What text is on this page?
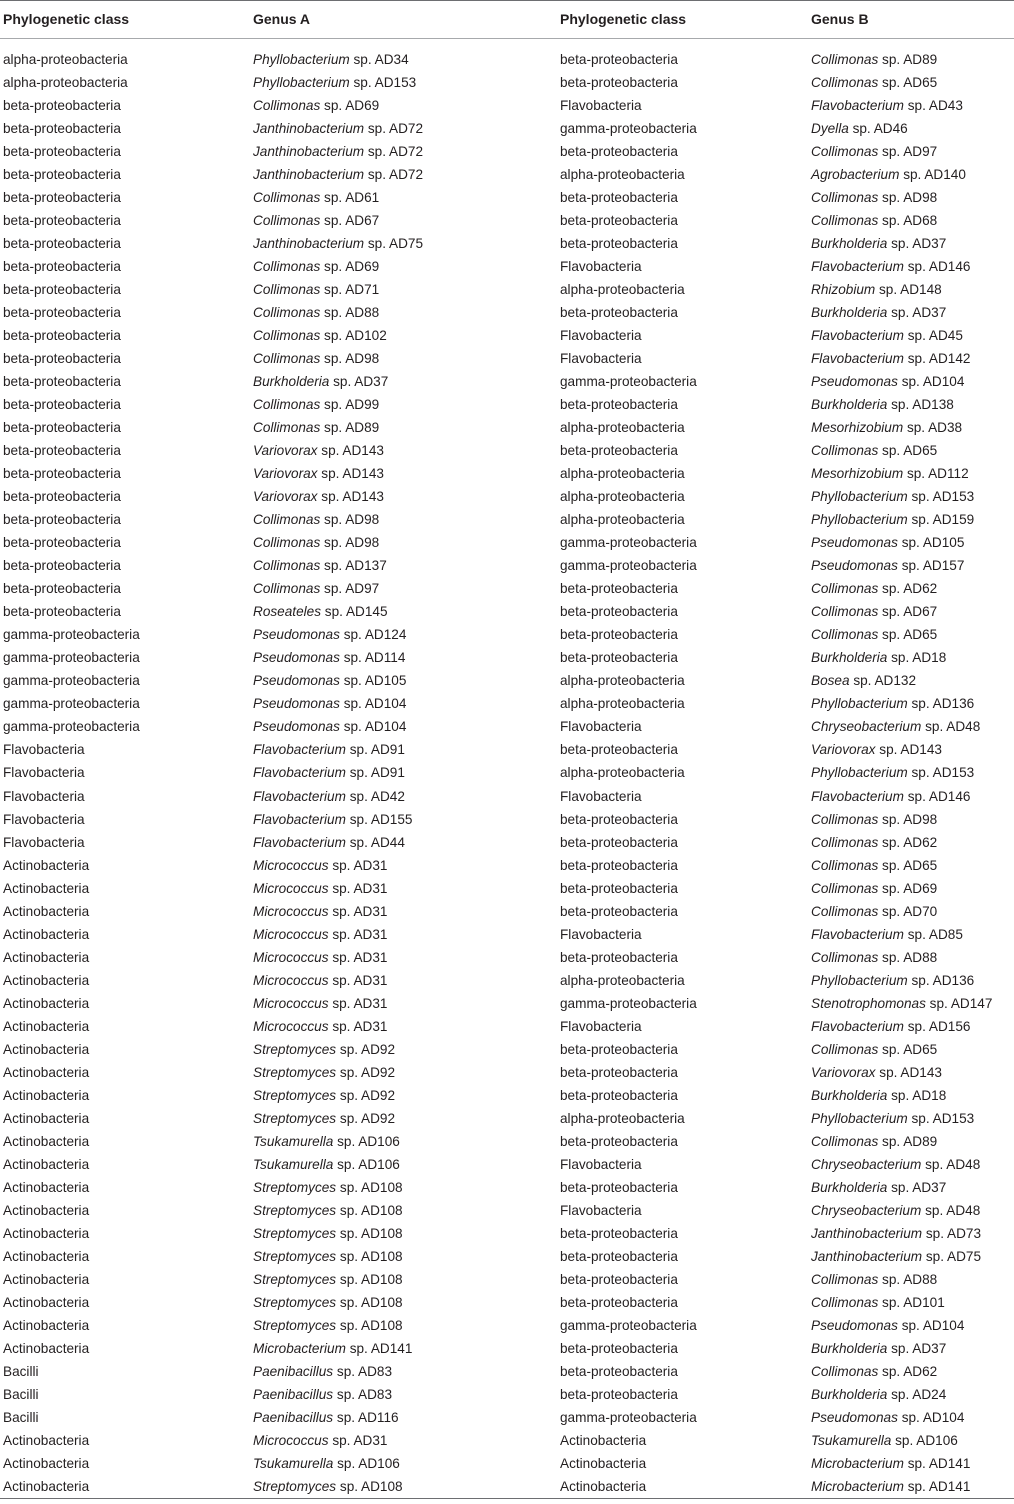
Phylogenetic class	Genus A	Phylogenetic class	Genus B
alpha-proteobacteria	Phyllobacterium sp. AD34	beta-proteobacteria	Collimonas sp. AD89
alpha-proteobacteria	Phyllobacterium sp. AD153	beta-proteobacteria	Collimonas sp. AD65
beta-proteobacteria	Collimonas sp. AD69	Flavobacteria	Flavobacterium sp. AD43
beta-proteobacteria	Janthinobacterium sp. AD72	gamma-proteobacteria	Dyella sp. AD46
beta-proteobacteria	Janthinobacterium sp. AD72	beta-proteobacteria	Collimonas sp. AD97
beta-proteobacteria	Janthinobacterium sp. AD72	alpha-proteobacteria	Agrobacterium sp. AD140
beta-proteobacteria	Collimonas sp. AD61	beta-proteobacteria	Collimonas sp. AD98
beta-proteobacteria	Collimonas sp. AD67	beta-proteobacteria	Collimonas sp. AD68
beta-proteobacteria	Janthinobacterium sp. AD75	beta-proteobacteria	Burkholderia sp. AD37
beta-proteobacteria	Collimonas sp. AD69	Flavobacteria	Flavobacterium sp. AD146
beta-proteobacteria	Collimonas sp. AD71	alpha-proteobacteria	Rhizobium sp. AD148
beta-proteobacteria	Collimonas sp. AD88	beta-proteobacteria	Burkholderia sp. AD37
beta-proteobacteria	Collimonas sp. AD102	Flavobacteria	Flavobacterium sp. AD45
beta-proteobacteria	Collimonas sp. AD98	Flavobacteria	Flavobacterium sp. AD142
beta-proteobacteria	Burkholderia sp. AD37	gamma-proteobacteria	Pseudomonas sp. AD104
beta-proteobacteria	Collimonas sp. AD99	beta-proteobacteria	Burkholderia sp. AD138
beta-proteobacteria	Collimonas sp. AD89	alpha-proteobacteria	Mesorhizobium sp. AD38
beta-proteobacteria	Variovorax sp. AD143	beta-proteobacteria	Collimonas sp. AD65
beta-proteobacteria	Variovorax sp. AD143	alpha-proteobacteria	Mesorhizobium sp. AD112
beta-proteobacteria	Variovorax sp. AD143	alpha-proteobacteria	Phyllobacterium sp. AD153
beta-proteobacteria	Collimonas sp. AD98	alpha-proteobacteria	Phyllobacterium sp. AD159
beta-proteobacteria	Collimonas sp. AD98	gamma-proteobacteria	Pseudomonas sp. AD105
beta-proteobacteria	Collimonas sp. AD137	gamma-proteobacteria	Pseudomonas sp. AD157
beta-proteobacteria	Collimonas sp. AD97	beta-proteobacteria	Collimonas sp. AD62
beta-proteobacteria	Roseateles sp. AD145	beta-proteobacteria	Collimonas sp. AD67
gamma-proteobacteria	Pseudomonas sp. AD124	beta-proteobacteria	Collimonas sp. AD65
gamma-proteobacteria	Pseudomonas sp. AD114	beta-proteobacteria	Burkholderia sp. AD18
gamma-proteobacteria	Pseudomonas sp. AD105	alpha-proteobacteria	Bosea sp. AD132
gamma-proteobacteria	Pseudomonas sp. AD104	alpha-proteobacteria	Phyllobacterium sp. AD136
gamma-proteobacteria	Pseudomonas sp. AD104	Flavobacteria	Chryseobacterium sp. AD48
Flavobacteria	Flavobacterium sp. AD91	beta-proteobacteria	Variovorax sp. AD143
Flavobacteria	Flavobacterium sp. AD91	alpha-proteobacteria	Phyllobacterium sp. AD153
Flavobacteria	Flavobacterium sp. AD42	Flavobacteria	Flavobacterium sp. AD146
Flavobacteria	Flavobacterium sp. AD155	beta-proteobacteria	Collimonas sp. AD98
Flavobacteria	Flavobacterium sp. AD44	beta-proteobacteria	Collimonas sp. AD62
Actinobacteria	Micrococcus sp. AD31	beta-proteobacteria	Collimonas sp. AD65
Actinobacteria	Micrococcus sp. AD31	beta-proteobacteria	Collimonas sp. AD69
Actinobacteria	Micrococcus sp. AD31	beta-proteobacteria	Collimonas sp. AD70
Actinobacteria	Micrococcus sp. AD31	Flavobacteria	Flavobacterium sp. AD85
Actinobacteria	Micrococcus sp. AD31	beta-proteobacteria	Collimonas sp. AD88
Actinobacteria	Micrococcus sp. AD31	alpha-proteobacteria	Phyllobacterium sp. AD136
Actinobacteria	Micrococcus sp. AD31	gamma-proteobacteria	Stenotrophomonas sp. AD147
Actinobacteria	Micrococcus sp. AD31	Flavobacteria	Flavobacterium sp. AD156
Actinobacteria	Streptomyces sp. AD92	beta-proteobacteria	Collimonas sp. AD65
Actinobacteria	Streptomyces sp. AD92	beta-proteobacteria	Variovorax sp. AD143
Actinobacteria	Streptomyces sp. AD92	beta-proteobacteria	Burkholderia sp. AD18
Actinobacteria	Streptomyces sp. AD92	alpha-proteobacteria	Phyllobacterium sp. AD153
Actinobacteria	Tsukamurella sp. AD106	beta-proteobacteria	Collimonas sp. AD89
Actinobacteria	Tsukamurella sp. AD106	Flavobacteria	Chryseobacterium sp. AD48
Actinobacteria	Streptomyces sp. AD108	beta-proteobacteria	Burkholderia sp. AD37
Actinobacteria	Streptomyces sp. AD108	Flavobacteria	Chryseobacterium sp. AD48
Actinobacteria	Streptomyces sp. AD108	beta-proteobacteria	Janthinobacterium sp. AD73
Actinobacteria	Streptomyces sp. AD108	beta-proteobacteria	Janthinobacterium sp. AD75
Actinobacteria	Streptomyces sp. AD108	beta-proteobacteria	Collimonas sp. AD88
Actinobacteria	Streptomyces sp. AD108	beta-proteobacteria	Collimonas sp. AD101
Actinobacteria	Streptomyces sp. AD108	gamma-proteobacteria	Pseudomonas sp. AD104
Actinobacteria	Microbacterium sp. AD141	beta-proteobacteria	Burkholderia sp. AD37
Bacilli	Paenibacillus sp. AD83	beta-proteobacteria	Collimonas sp. AD62
Bacilli	Paenibacillus sp. AD83	beta-proteobacteria	Burkholderia sp. AD24
Bacilli	Paenibacillus sp. AD116	gamma-proteobacteria	Pseudomonas sp. AD104
Actinobacteria	Micrococcus sp. AD31	Actinobacteria	Tsukamurella sp. AD106
Actinobacteria	Tsukamurella sp. AD106	Actinobacteria	Microbacterium sp. AD141
Actinobacteria	Streptomyces sp. AD108	Actinobacteria	Microbacterium sp. AD141
